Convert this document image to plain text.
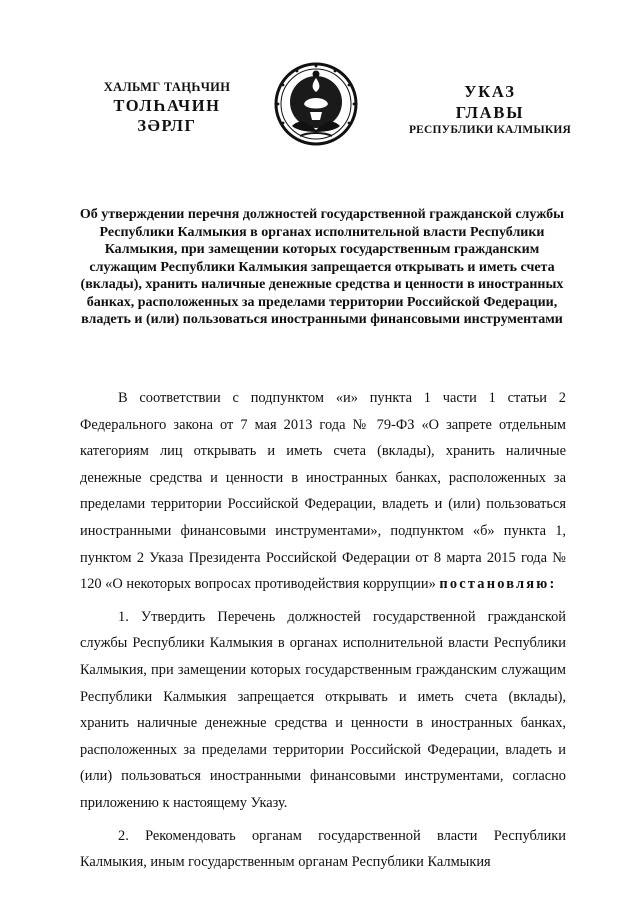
ХАЛЬМГ ТАҢҺЧИН
ТОЛҺАЧИН
ЗӘРЛГ
УКАЗ
ГЛАВЫ
РЕСПУБЛИКИ КАЛМЫКИЯ

Об утверждении перечня должностей государственной гражданской службы Республики Калмыкия в органах исполнительной власти Республики Калмыкия, при замещении которых государственным гражданским служащим Республики Калмыкия запрещается открывать и иметь счета (вклады), хранить наличные денежные средства и ценности в иностранных банках, расположенных за пределами территории Российской Федерации, владеть и (или) пользоваться иностранными финансовыми инструментами

В соответствии с подпунктом «и» пункта 1 части 1 статьи 2 Федерального закона от 7 мая 2013 года № 79-ФЗ «О запрете отдельным категориям лиц открывать и иметь счета (вклады), хранить наличные денежные средства и ценности в иностранных банках, расположенных за пределами территории Российской Федерации, владеть и (или) пользоваться иностранными финансовыми инструментами», подпунктом «б» пункта 1, пунктом 2 Указа Президента Российской Федерации от 8 марта 2015 года № 120 «О некоторых вопросах противодействия коррупции» постановляю:

1. Утвердить Перечень должностей государственной гражданской службы Республики Калмыкия в органах исполнительной власти Республики Калмыкия, при замещении которых государственным гражданским служащим Республики Калмыкия запрещается открывать и иметь счета (вклады), хранить наличные денежные средства и ценности в иностранных банках, расположенных за пределами территории Российской Федерации, владеть и (или) пользоваться иностранными финансовыми инструментами, согласно приложению к настоящему Указу.

2. Рекомендовать органам государственной власти Республики Калмыкия, иным государственным органам Республики Калмыкия
